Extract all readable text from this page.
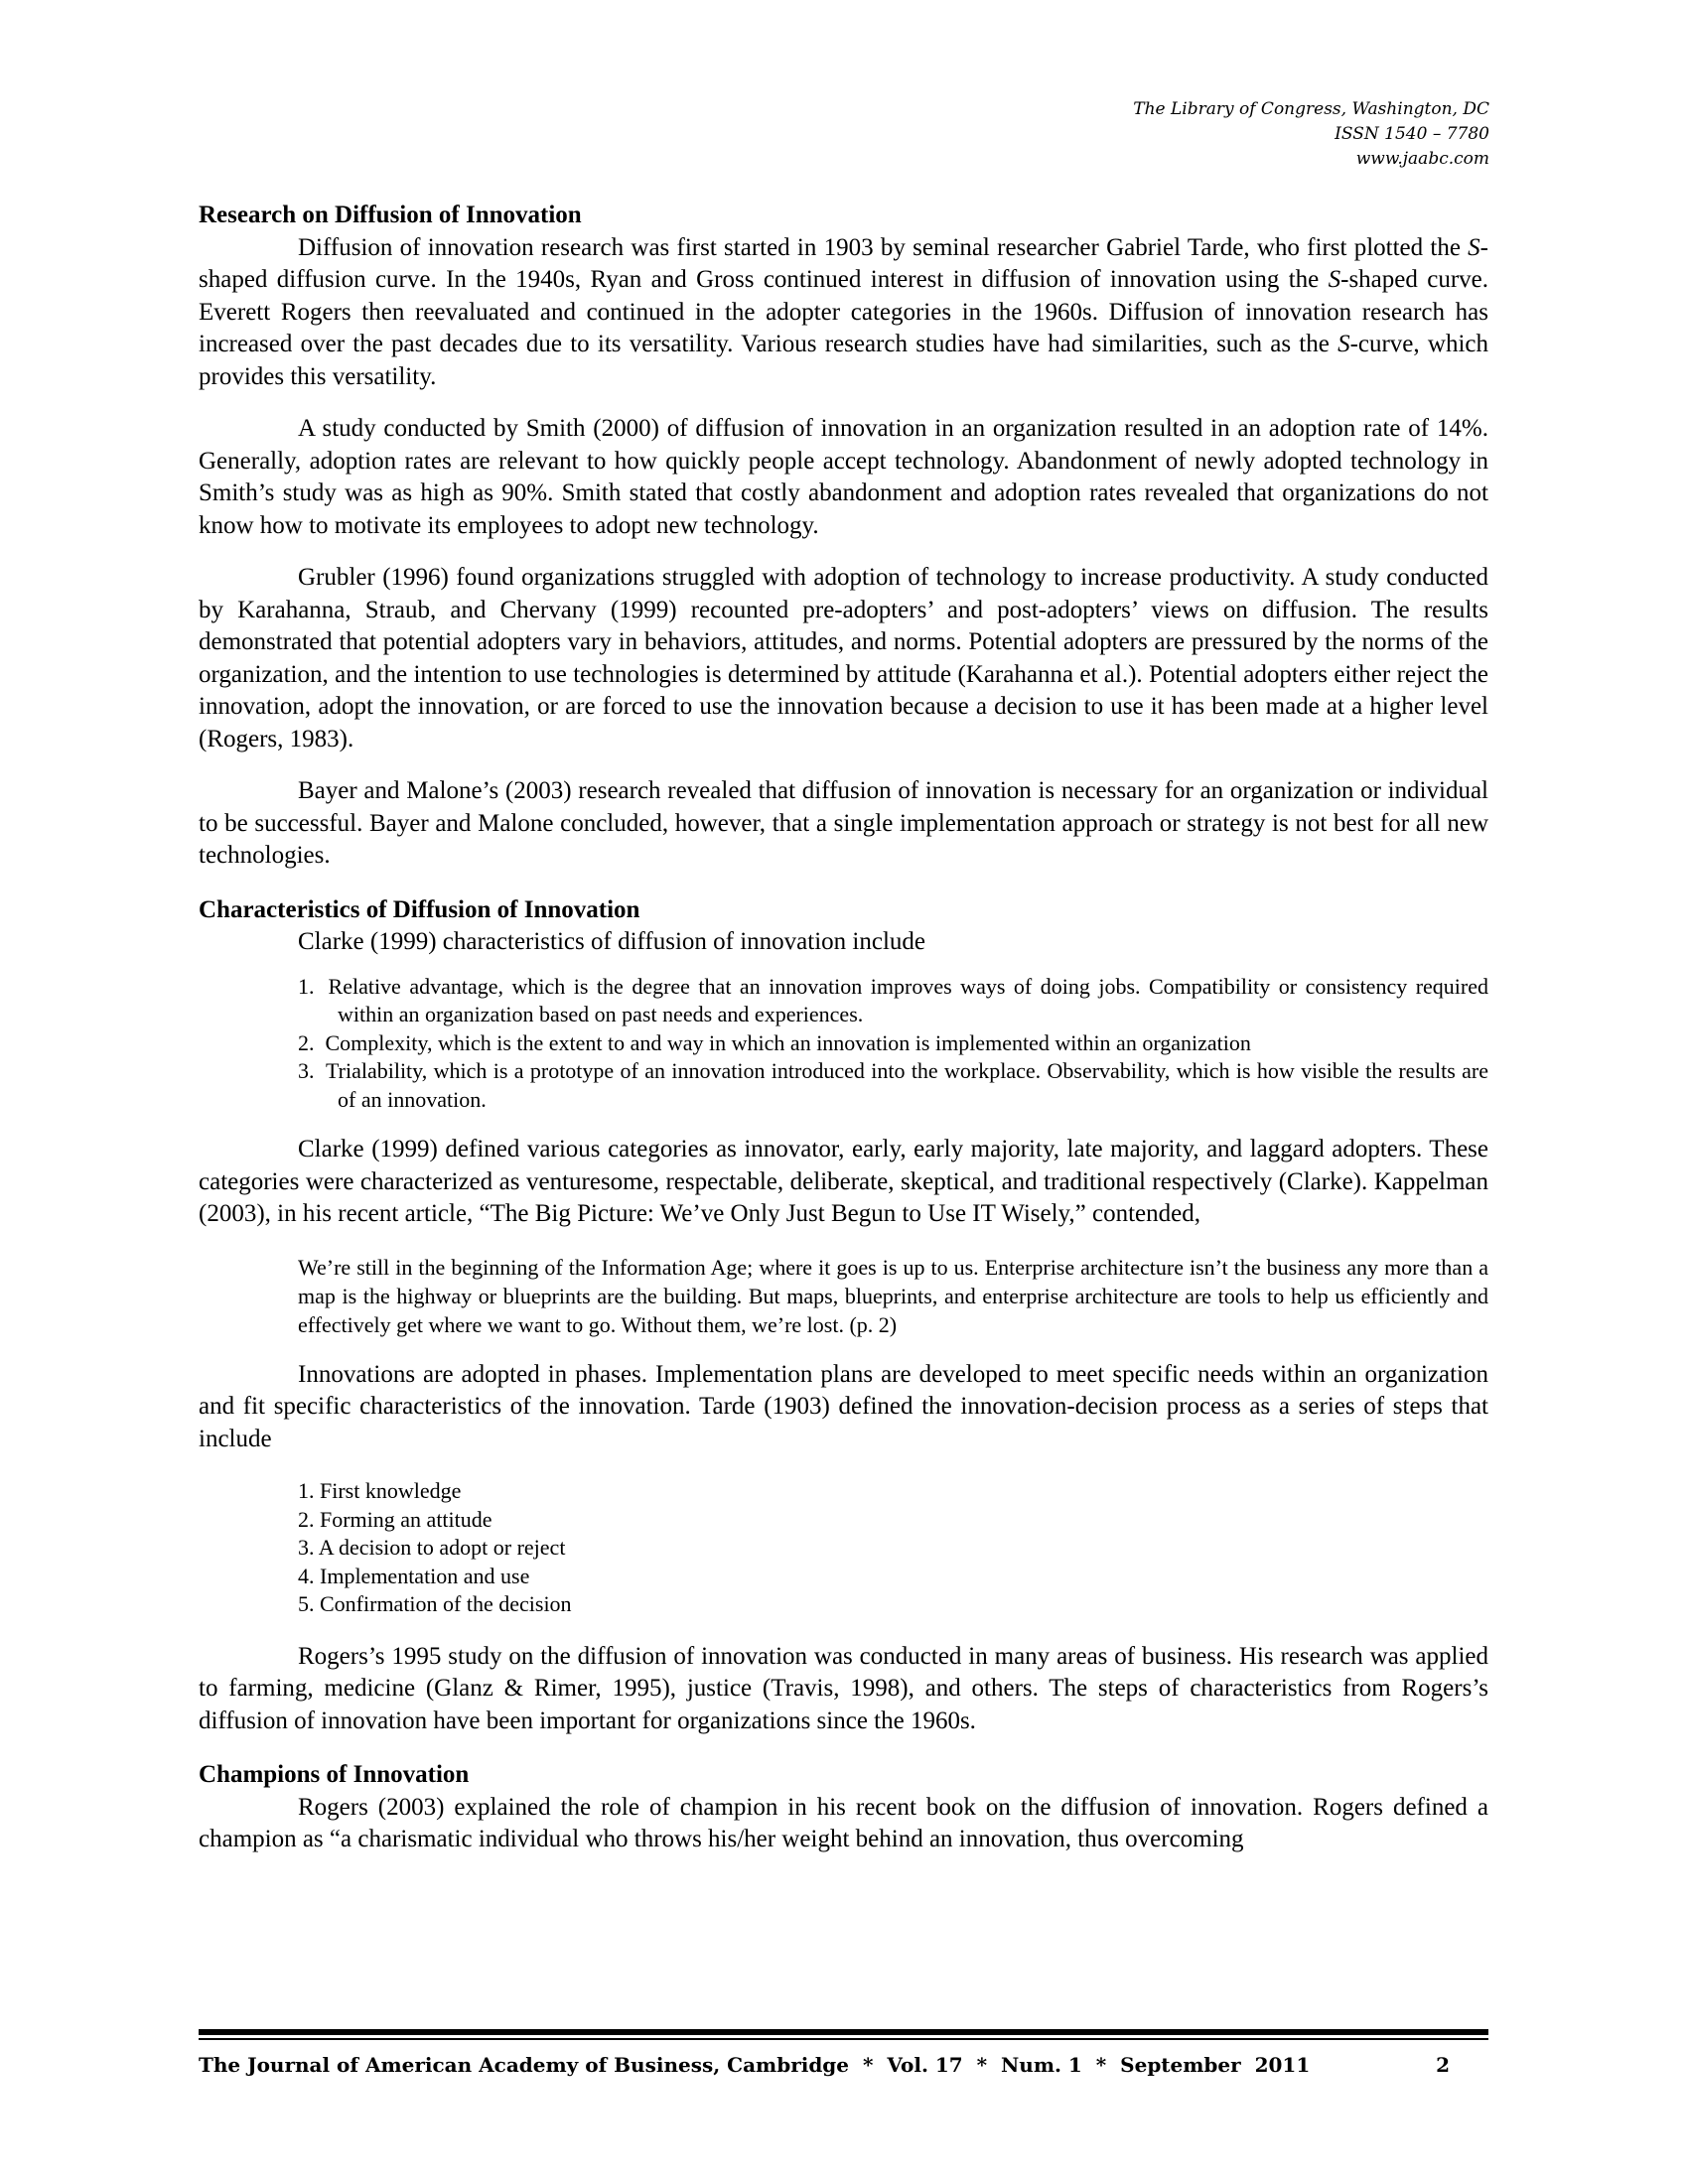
The Library of Congress, Washington, DC
ISSN 1540 – 7780
www.jaabc.com
Research on Diffusion of Innovation

Diffusion of innovation research was first started in 1903 by seminal researcher Gabriel Tarde, who first plotted the S-shaped diffusion curve. In the 1940s, Ryan and Gross continued interest in diffusion of innovation using the S-shaped curve. Everett Rogers then reevaluated and continued in the adopter categories in the 1960s. Diffusion of innovation research has increased over the past decades due to its versatility. Various research studies have had similarities, such as the S-curve, which provides this versatility.

A study conducted by Smith (2000) of diffusion of innovation in an organization resulted in an adoption rate of 14%. Generally, adoption rates are relevant to how quickly people accept technology. Abandonment of newly adopted technology in Smith’s study was as high as 90%. Smith stated that costly abandonment and adoption rates revealed that organizations do not know how to motivate its employees to adopt new technology.

Grubler (1996) found organizations struggled with adoption of technology to increase productivity. A study conducted by Karahanna, Straub, and Chervany (1999) recounted pre-adopters’ and post-adopters’ views on diffusion. The results demonstrated that potential adopters vary in behaviors, attitudes, and norms. Potential adopters are pressured by the norms of the organization, and the intention to use technologies is determined by attitude (Karahanna et al.). Potential adopters either reject the innovation, adopt the innovation, or are forced to use the innovation because a decision to use it has been made at a higher level (Rogers, 1983).

Bayer and Malone’s (2003) research revealed that diffusion of innovation is necessary for an organization or individual to be successful. Bayer and Malone concluded, however, that a single implementation approach or strategy is not best for all new technologies.

Characteristics of Diffusion of Innovation

Clarke (1999) characteristics of diffusion of innovation include

1. Relative advantage, which is the degree that an innovation improves ways of doing jobs. Compatibility or consistency required within an organization based on past needs and experiences.
2. Complexity, which is the extent to and way in which an innovation is implemented within an organization
3. Trialability, which is a prototype of an innovation introduced into the workplace. Observability, which is how visible the results are of an innovation.

Clarke (1999) defined various categories as innovator, early, early majority, late majority, and laggard adopters. These categories were characterized as venturesome, respectable, deliberate, skeptical, and traditional respectively (Clarke). Kappelman (2003), in his recent article, “The Big Picture: We’ve Only Just Begun to Use IT Wisely,” contended,

We’re still in the beginning of the Information Age; where it goes is up to us. Enterprise architecture isn’t the business any more than a map is the highway or blueprints are the building. But maps, blueprints, and enterprise architecture are tools to help us efficiently and effectively get where we want to go. Without them, we’re lost. (p. 2)

Innovations are adopted in phases. Implementation plans are developed to meet specific needs within an organization and fit specific characteristics of the innovation. Tarde (1903) defined the innovation-decision process as a series of steps that include

1. First knowledge
2. Forming an attitude
3. A decision to adopt or reject
4. Implementation and use
5. Confirmation of the decision

Rogers’s 1995 study on the diffusion of innovation was conducted in many areas of business. His research was applied to farming, medicine (Glanz & Rimer, 1995), justice (Travis, 1998), and others. The steps of characteristics from Rogers’s diffusion of innovation have been important for organizations since the 1960s.

Champions of Innovation

Rogers (2003) explained the role of champion in his recent book on the diffusion of innovation. Rogers defined a champion as “a charismatic individual who throws his/her weight behind an innovation, thus overcoming

The Journal of American Academy of Business, Cambridge  *  Vol. 17  *  Num. 1  *  September  2011	2
